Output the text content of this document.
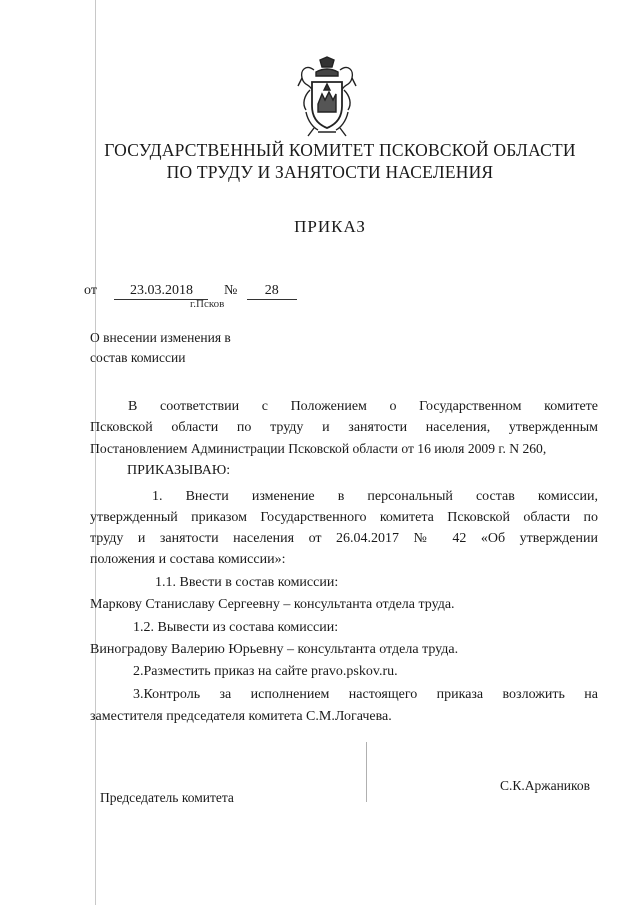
ГОСУДАРСТВЕННЫЙ КОМИТЕТ ПСКОВСКОЙ ОБЛАСТИ
ПО ТРУДУ И ЗАНЯТОСТИ НАСЕЛЕНИЯ
ПРИКАЗ
от 23.03.2018 № 28
г.Псков
О внесении изменения в
состав комиссии
В соответствии с Положением о Государственном комитете
Псковской области по труду и занятости населения, утвержденным
Постановлением Администрации Псковской области от 16 июля 2009 г. N 260,
ПРИКАЗЫВАЮ:
1. Внести изменение в персональный состав комиссии,
утвержденный приказом Государственного комитета Псковской области по
труду и занятости населения от 26.04.2017 № 42 «Об утверждении
положения и состава комиссии»:
1.1. Ввести в состав комиссии:
Маркову Станиславу Сергеевну – консультанта отдела труда.
1.2. Вывести из состава комиссии:
Виноградову Валерию Юрьевну – консультанта отдела труда.
2.Разместить приказ на сайте pravo.pskov.ru.
3.Контроль за исполнением настоящего приказа возложить на
заместителя председателя комитета С.М.Логачева.
Председатель комитета
С.К.Аржаников
